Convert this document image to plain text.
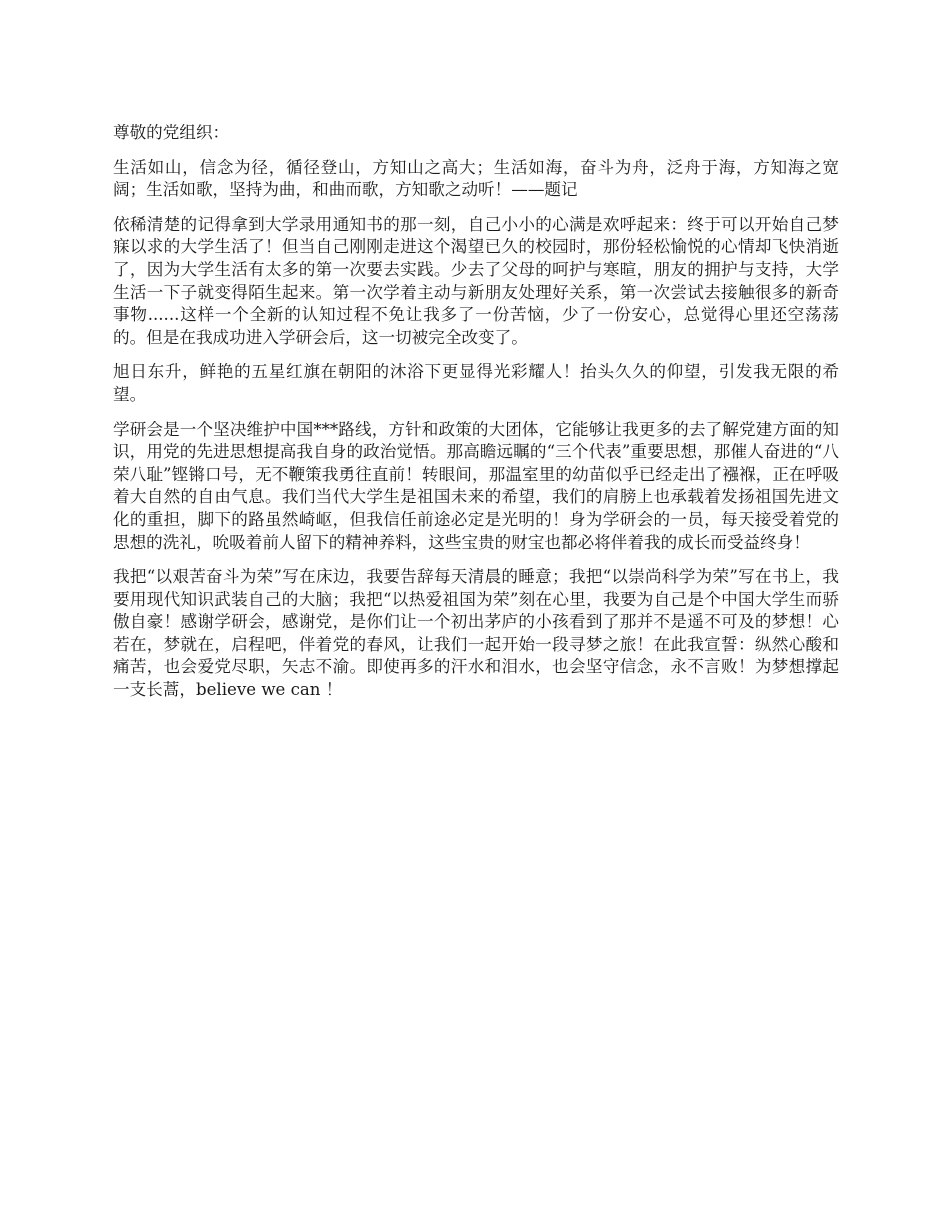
尊敬的党组织：

生活如山，信念为径，循径登山，方知山之高大；生活如海，奋斗为舟，泛舟于海，方知海之宽阔；生活如歌，坚持为曲，和曲而歌，方知歌之动听！——题记

依稀清楚的记得拿到大学录用通知书的那一刻，自己小小的心满是欢呼起来：终于可以开始自己梦寐以求的大学生活了！但当自己刚刚走进这个渴望已久的校园时，那份轻松愉悦的心情却飞快消逝了，因为大学生活有太多的第一次要去实践。少去了父母的呵护与寒暄，朋友的拥护与支持，大学生活一下子就变得陌生起来。第一次学着主动与新朋友处理好关系，第一次尝试去接触很多的新奇事物......这样一个全新的认知过程不免让我多了一份苦恼，少了一份安心，总觉得心里还空荡荡的。但是在我成功进入学研会后，这一切被完全改变了。

旭日东升，鲜艳的五星红旗在朝阳的沐浴下更显得光彩耀人！抬头久久的仰望，引发我无限的希望。

学研会是一个坚决维护中国***路线，方针和政策的大团体，它能够让我更多的去了解党建方面的知识，用党的先进思想提高我自身的政治觉悟。那高瞻远瞩的“三个代表”重要思想，那催人奋进的“八荣八耻”铿锵口号，无不鞭策我勇往直前！转眼间，那温室里的幼苗似乎已经走出了襁褓，正在呼吸着大自然的自由气息。我们当代大学生是祖国未来的希望，我们的肩膀上也承载着发扬祖国先进文化的重担，脚下的路虽然崎岖，但我信任前途必定是光明的！身为学研会的一员，每天接受着党的思想的洗礼，吮吸着前人留下的精神养料，这些宝贵的财宝也都必将伴着我的成长而受益终身！

我把“以艰苦奋斗为荣”写在床边，我要告辞每天清晨的睡意；我把“以崇尚科学为荣”写在书上，我要用现代知识武装自己的大脑；我把“以热爱祖国为荣”刻在心里，我要为自己是个中国大学生而骄傲自豪！感谢学研会，感谢党，是你们让一个初出茅庐的小孩看到了那并不是遥不可及的梦想！心若在，梦就在，启程吧，伴着党的春风，让我们一起开始一段寻梦之旅！在此我宣誓：纵然心酸和痛苦，也会爱党尽职，矢志不渝。即使再多的汗水和泪水，也会坚守信念，永不言败！为梦想撑起一支长蒿，believe we can ！
